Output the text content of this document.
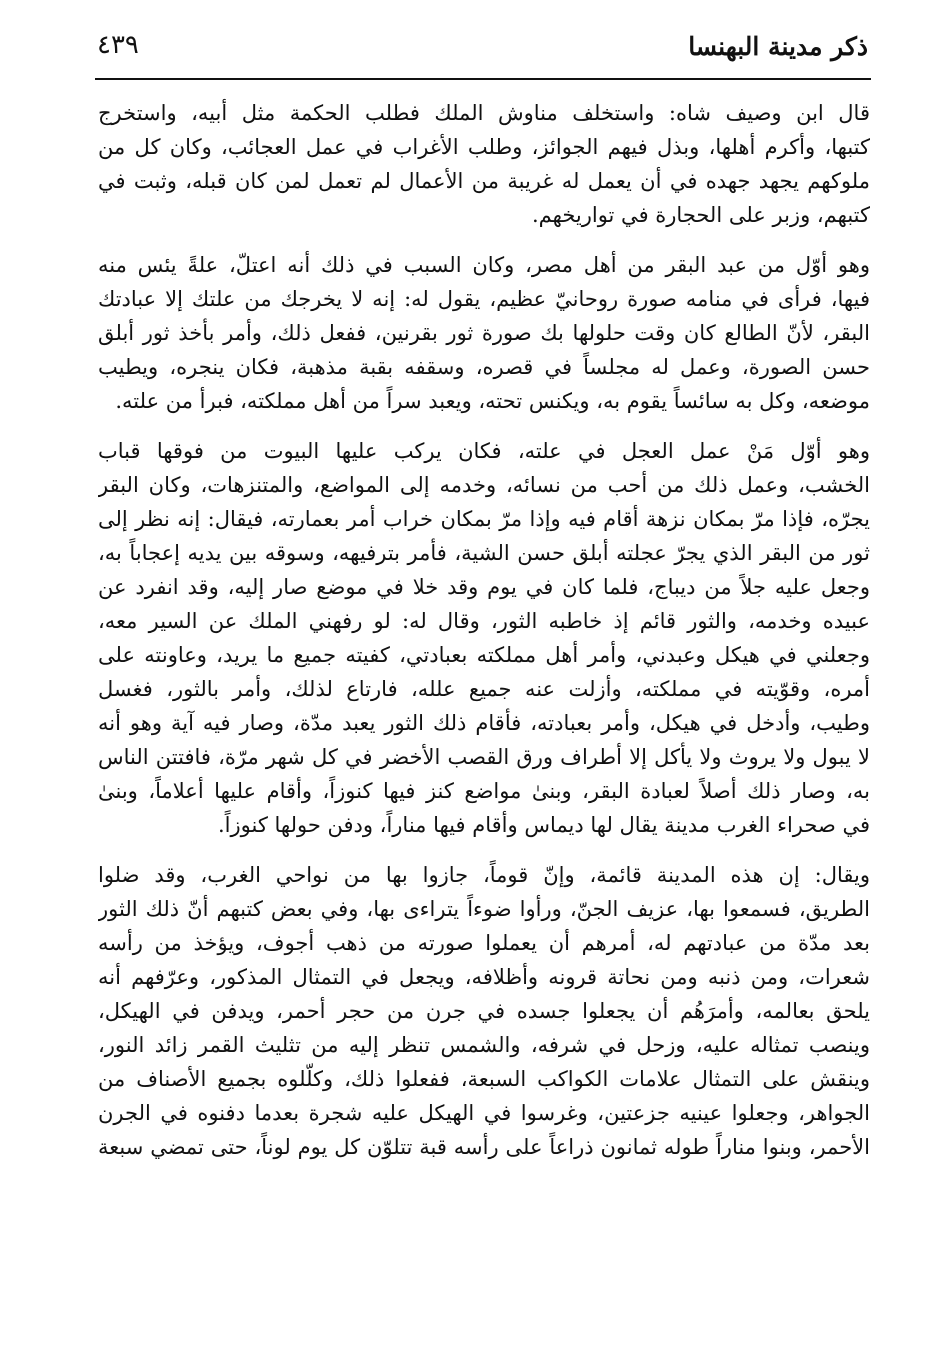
ذكر مدينة البهنسا
٤٣٩
قال ابن وصيف شاه: واستخلف مناوش الملك فطلب الحكمة مثل أبيه، واستخرج
كتبها، وأكرم أهلها، وبذل فيهم الجوائز، وطلب الأغراب في عمل العجائب، وكان كل من
ملوكهم يجهد جهده في أن يعمل له غريبة من الأعمال لم تعمل لمن كان قبله، وثبت في
كتبهم، وزبر على الحجارة في تواريخهم.
وهو أوّل من عبد البقر من أهل مصر، وكان السبب في ذلك أنه اعتلّ، علةً يئس منه
فيها، فرأى في منامه صورة روحانيّ عظيم، يقول له: إنه لا يخرجك من علتك إلا عبادتك
البقر، لأنّ الطالع كان وقت حلولها بك صورة ثور بقرنين، ففعل ذلك، وأمر بأخذ ثور أبلق
حسن الصورة، وعمل له مجلساً في قصره، وسقفه بقبة مذهبة، فكان ينجره، ويطيب
موضعه، وكل به سائساً يقوم به، ويكنس تحته، ويعبد سراً من أهل مملكته، فبرأ من علته.
وهو أوّل مَنْ عمل العجل في علته، فكان يركب عليها البيوت من فوقها قباب
الخشب، وعمل ذلك من أحب من نسائه، وخدمه إلى المواضع، والمتنزهات، وكان البقر
يجرّه، فإذا مرّ بمكان نزهة أقام فيه وإذا مرّ بمكان خراب أمر بعمارته، فيقال: إنه نظر إلى
ثور من البقر الذي يجرّ عجلته أبلق حسن الشية، فأمر بترفيهه، وسوقه بين يديه إعجاباً به،
وجعل عليه جلاً من ديباج، فلما كان في يوم وقد خلا في موضع صار إليه، وقد انفرد عن
عبيده وخدمه، والثور قائم إذ خاطبه الثور، وقال له: لو رفهني الملك عن السير معه،
وجعلني في هيكل وعبدني، وأمر أهل مملكته بعبادتي، كفيته جميع ما يريد، وعاونته على
أمره، وقوّيته في مملكته، وأزلت عنه جميع علله، فارتاع لذلك، وأمر بالثور، فغسل
وطيب، وأدخل في هيكل، وأمر بعبادته، فأقام ذلك الثور يعبد مدّة، وصار فيه آية وهو أنه
لا يبول ولا يروث ولا يأكل إلا أطراف ورق القصب الأخضر في كل شهر مرّة، فافتتن الناس
به، وصار ذلك أصلاً لعبادة البقر، وبنىٰ مواضع كنز فيها كنوزاً، وأقام عليها أعلاماً، وبنىٰ
في صحراء الغرب مدينة يقال لها ديماس وأقام فيها مناراً، ودفن حولها كنوزاً.
ويقال: إن هذه المدينة قائمة، وإنّ قوماً، جازوا بها من نواحي الغرب، وقد ضلوا
الطريق، فسمعوا بها، عزيف الجنّ، ورأوا ضوءاً يتراءى بها، وفي بعض كتبهم أنّ ذلك الثور
بعد مدّة من عبادتهم له، أمرهم أن يعملوا صورته من ذهب أجوف، ويؤخذ من رأسه
شعرات، ومن ذنبه ومن نحاتة قرونه وأظلافه، ويجعل في التمثال المذكور، وعرّفهم أنه
يلحق بعالمه، وأمرَهُم أن يجعلوا جسده في جرن من حجر أحمر، ويدفن في الهيكل،
وينصب تمثاله عليه، وزحل في شرفه، والشمس تنظر إليه من تثليث القمر زائد النور،
وينقش على التمثال علامات الكواكب السبعة، ففعلوا ذلك، وكلّلوه بجميع الأصناف من
الجواهر، وجعلوا عينيه جزعتين، وغرسوا في الهيكل عليه شجرة بعدما دفنوه في الجرن
الأحمر، وبنوا مناراً طوله ثمانون ذراعاً على رأسه قبة تتلوّن كل يوم لوناً، حتى تمضي سبعة
